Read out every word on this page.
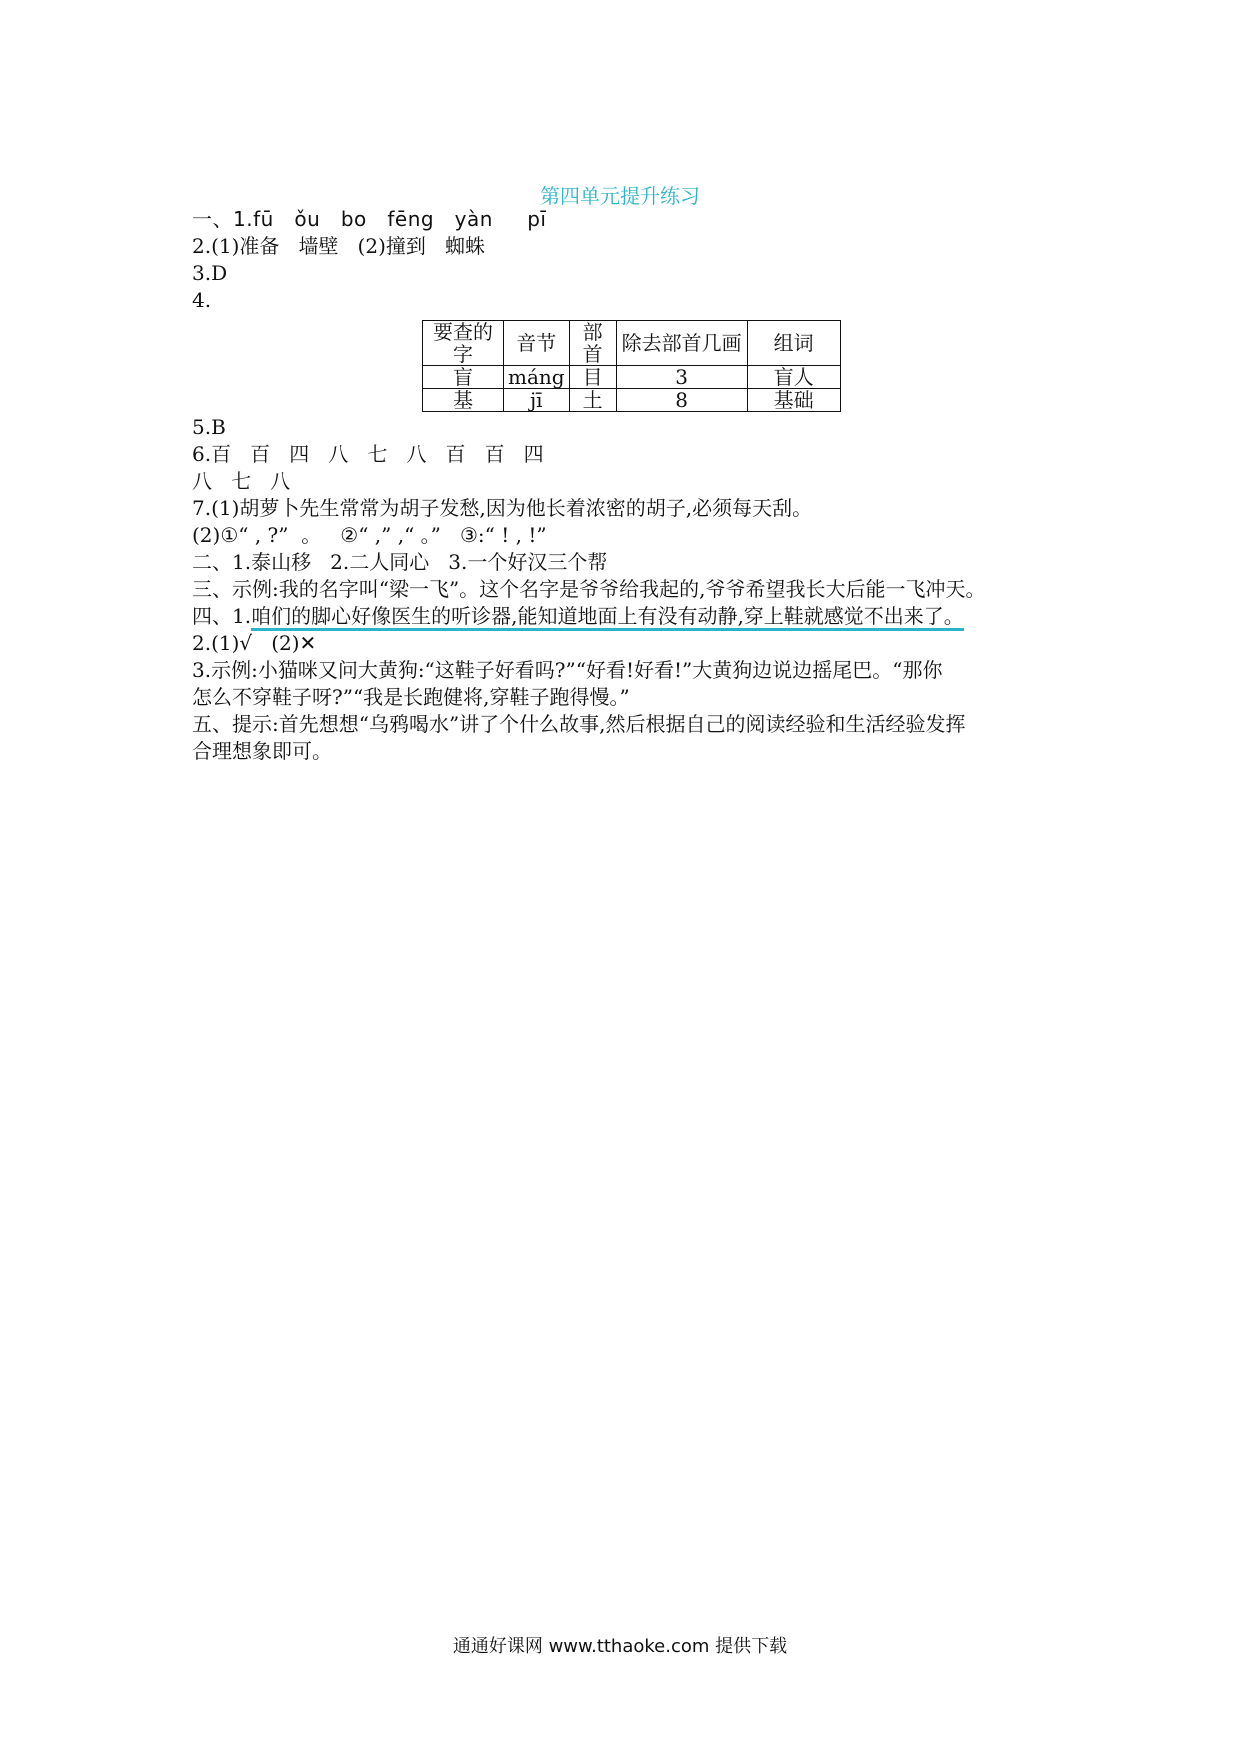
第四单元提升练习
一、1.fū   ǒu   bo   fēng   yàn     pī
2.(1)准备   墙壁   (2)撞到   蜘蛛
3.D
4.
要查的字	音节	部首	除去部首几画	组词
盲	máng	目	3	盲人
基	jī	土	8	基础
5.B
6.百   百   四   八   七   八   百   百   四
八   七   八
7.(1)胡萝卜先生常常为胡子发愁,因为他长着浓密的胡子,必须每天刮。
(2)①“ , ?”  。   ②“ ,” ,“ 。”   ③:“ ! , !”
二、1.泰山移   2.二人同心   3.一个好汉三个帮
三、示例:我的名字叫“梁一飞”。这个名字是爷爷给我起的,爷爷希望我长大后能一飞冲天。
四、1.咱们的脚心好像医生的听诊器,能知道地面上有没有动静,穿上鞋就感觉不出来了。
2.(1)√   (2)✕
3.示例:小猫咪又问大黄狗:“这鞋子好看吗?”“好看!好看!”大黄狗边说边摇尾巴。“那你
怎么不穿鞋子呀?”“我是长跑健将,穿鞋子跑得慢。”
五、提示:首先想想“乌鸦喝水”讲了个什么故事,然后根据自己的阅读经验和生活经验发挥
合理想象即可。
通通好课网 www.tthaoke.com 提供下载
